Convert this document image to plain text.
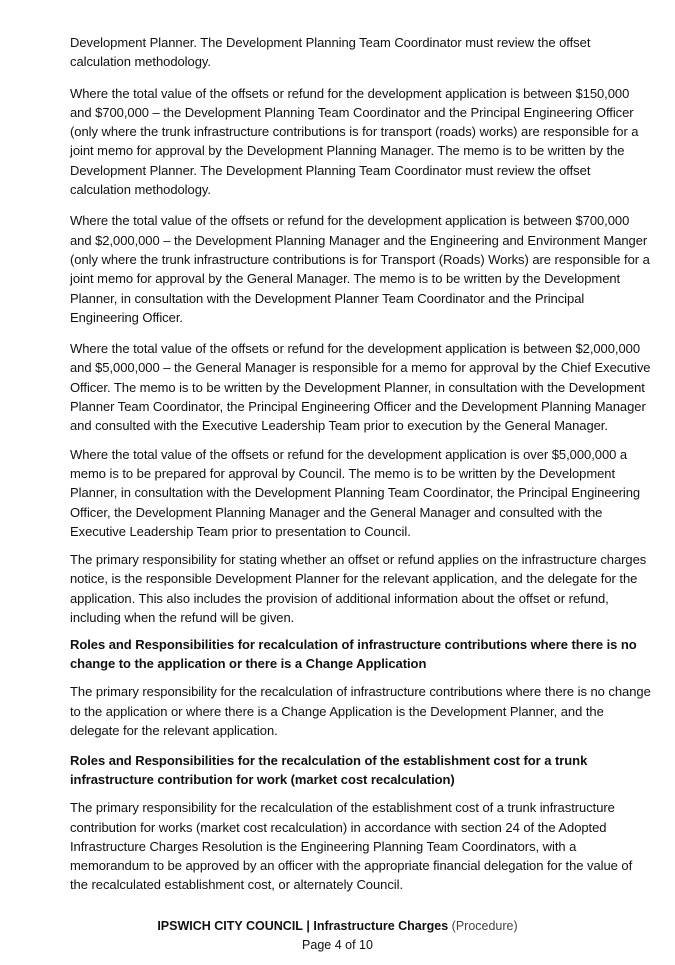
Development Planner. The Development Planning Team Coordinator must review the offset calculation methodology.

Where the total value of the offsets or refund for the development application is between $150,000 and $700,000 – the Development Planning Team Coordinator and the Principal Engineering Officer (only where the trunk infrastructure contributions is for transport (roads) works) are responsible for a joint memo for approval by the Development Planning Manager. The memo is to be written by the Development Planner. The Development Planning Team Coordinator must review the offset calculation methodology.

Where the total value of the offsets or refund for the development application is between $700,000 and $2,000,000 – the Development Planning Manager and the Engineering and Environment Manger (only where the trunk infrastructure contributions is for Transport (Roads) Works) are responsible for a joint memo for approval by the General Manager. The memo is to be written by the Development Planner, in consultation with the Development Planner Team Coordinator and the Principal Engineering Officer.

Where the total value of the offsets or refund for the development application is between $2,000,000 and $5,000,000 – the General Manager is responsible for a memo for approval by the Chief Executive Officer. The memo is to be written by the Development Planner, in consultation with the Development Planner Team Coordinator, the Principal Engineering Officer and the Development Planning Manager and consulted with the Executive Leadership Team prior to execution by the General Manager.

Where the total value of the offsets or refund for the development application is over $5,000,000 a memo is to be prepared for approval by Council. The memo is to be written by the Development Planner, in consultation with the Development Planning Team Coordinator, the Principal Engineering Officer, the Development Planning Manager and the General Manager and consulted with the Executive Leadership Team prior to presentation to Council.

The primary responsibility for stating whether an offset or refund applies on the infrastructure charges notice, is the responsible Development Planner for the relevant application, and the delegate for the application. This also includes the provision of additional information about the offset or refund, including when the refund will be given.

Roles and Responsibilities for recalculation of infrastructure contributions where there is no change to the application or there is a Change Application

The primary responsibility for the recalculation of infrastructure contributions where there is no change to the application or where there is a Change Application is the Development Planner, and the delegate for the relevant application.

Roles and Responsibilities for the recalculation of the establishment cost for a trunk infrastructure contribution for work (market cost recalculation)

The primary responsibility for the recalculation of the establishment cost of a trunk infrastructure contribution for works (market cost recalculation) in accordance with section 24 of the Adopted Infrastructure Charges Resolution is the Engineering Planning Team Coordinators, with a memorandum to be approved by an officer with the appropriate financial delegation for the value of the recalculated establishment cost, or alternately Council.

IPSWICH CITY COUNCIL | Infrastructure Charges (Procedure)
Page 4 of 10
